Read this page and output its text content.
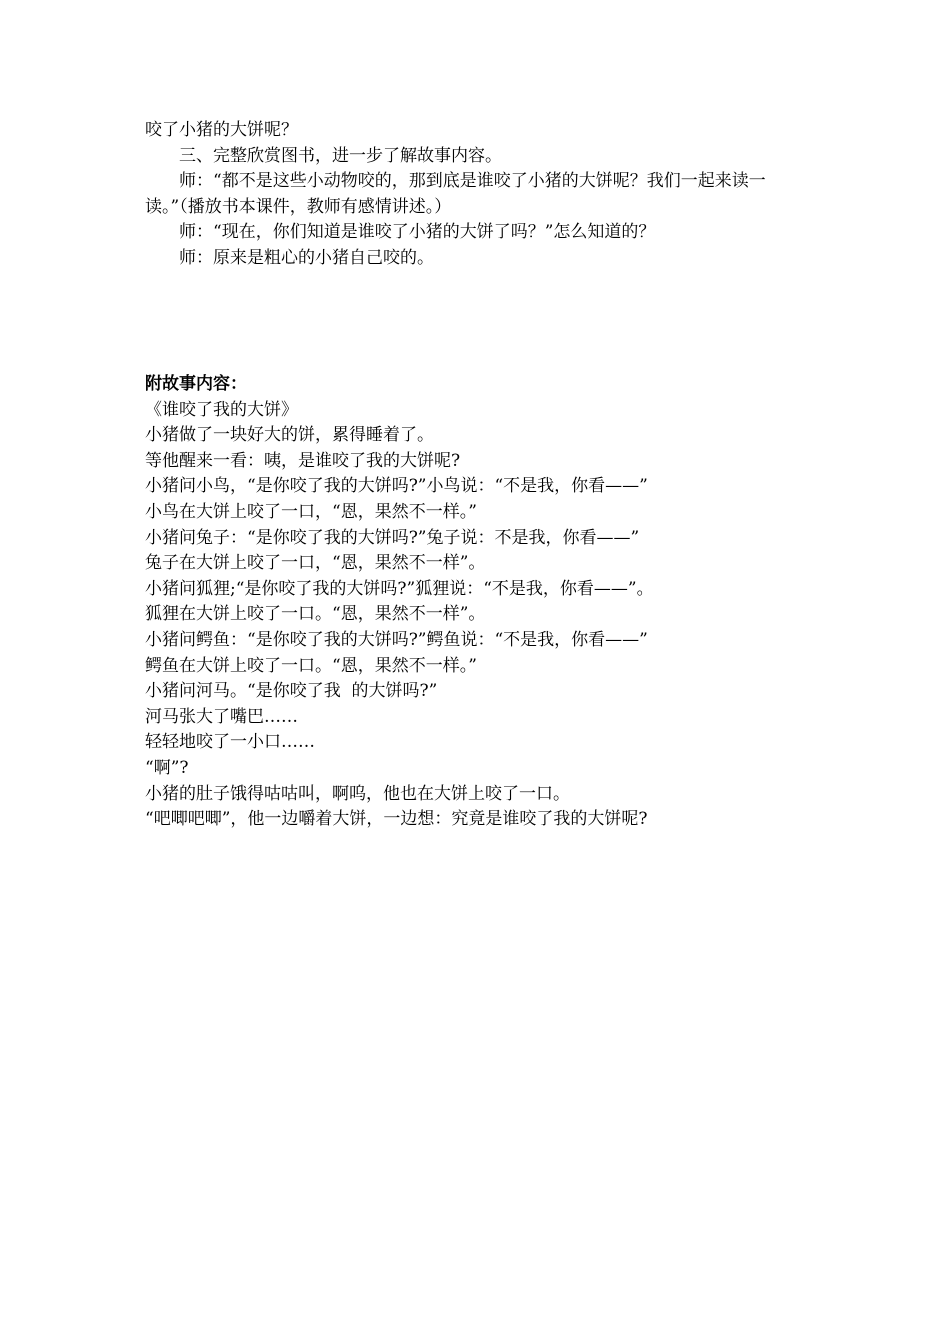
咬了小猪的大饼呢？

三、完整欣赏图书，进一步了解故事内容。

师：“都不是这些小动物咬的，那到底是谁咬了小猪的大饼呢？我们一起来读一读。”（播放书本课件，教师有感情讲述。）

师：“现在，你们知道是谁咬了小猪的大饼了吗？”怎么知道的？

师：原来是粗心的小猪自己咬的。

附故事内容：

《谁咬了我的大饼》

小猪做了一块好大的饼，累得睡着了。

等他醒来一看：咦，是谁咬了我的大饼呢?

小猪问小鸟，“是你咬了我的大饼吗?”小鸟说：“不是我，你看——”

小鸟在大饼上咬了一口，“恩，果然不一样。”

小猪问兔子：“是你咬了我的大饼吗?”兔子说：不是我，你看——”

兔子在大饼上咬了一口，“恩，果然不一样”。

小猪问狐狸;“是你咬了我的大饼吗?”狐狸说：“不是我，你看——”。

狐狸在大饼上咬了一口。“恩，果然不一样”。

小猪问鳄鱼：“是你咬了我的大饼吗?”鳄鱼说：“不是我，你看——”

鳄鱼在大饼上咬了一口。“恩，果然不一样。”

小猪问河马。“是你咬了我  的大饼吗?”

河马张大了嘴巴……

轻轻地咬了一小口……

“啊”?

小猪的肚子饿得咕咕叫，啊呜，他也在大饼上咬了一口。

“吧唧吧唧”，他一边嚼着大饼，一边想：究竟是谁咬了我的大饼呢?
